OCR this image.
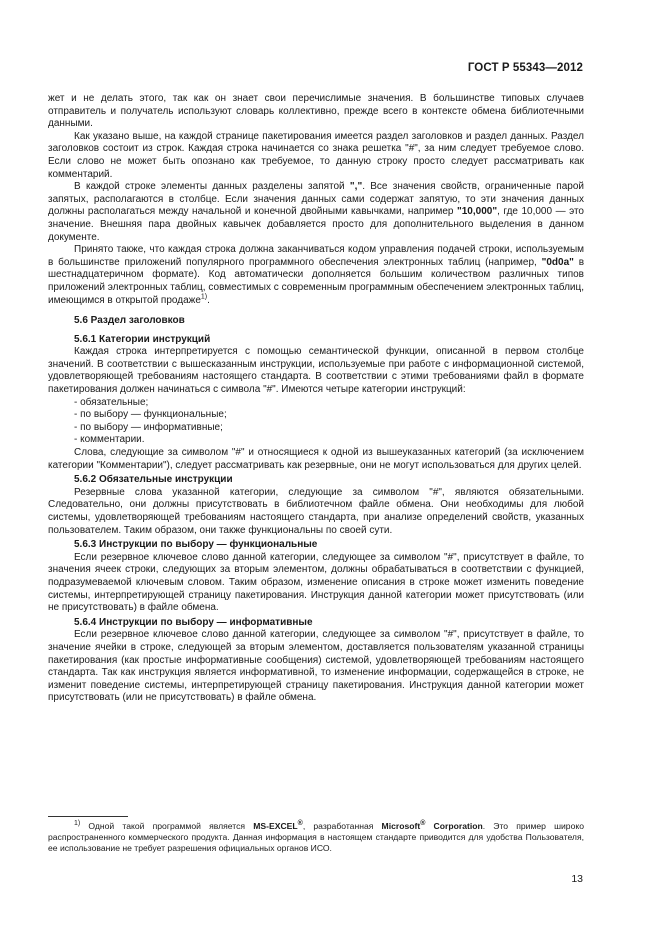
ГОСТ Р 55343—2012

жет и не делать этого, так как он знает свои перечислимые значения. В большинстве типовых случаев отправитель и получатель используют словарь коллективно, прежде всего в контексте обмена библиотечными данными.

Как указано выше, на каждой странице пакетирования имеется раздел заголовков и раздел данных. Раздел заголовков состоит из строк. Каждая строка начинается со знака решетка "#", за ним следует требуемое слово. Если слово не может быть опознано как требуемое, то данную строку просто следует рассматривать как комментарий.

В каждой строке элементы данных разделены запятой ",". Все значения свойств, ограниченные парой запятых, располагаются в столбце. Если значения данных сами содержат запятую, то эти значения данных должны располагаться между начальной и конечной двойными кавычками, например "10,000", где 10,000 — это значение. Внешняя пара двойных кавычек добавляется просто для дополнительного выделения в данном документе.

Принято также, что каждая строка должна заканчиваться кодом управления подачей строки, используемым в большинстве приложений популярного программного обеспечения электронных таблиц (например, "0d0a" в шестнадцатеричном формате). Код автоматически дополняется большим количеством различных типов приложений электронных таблиц, совместимых с современным программным обеспечением электронных таблиц, имеющимся в открытой продаже$^{1)}$.

5.6 Раздел заголовков

5.6.1 Категории инструкций

Каждая строка интерпретируется с помощью семантической функции, описанной в первом столбце значений. В соответствии с вышесказанным инструкции, используемые при работе с информационной системой, удовлетворяющей требованиям настоящего стандарта. В соответствии с этими требованиями файл в формате пакетирования должен начинаться с символа "#". Имеются четыре категории инструкций:

- обязательные;

- по выбору — функциональные;

- по выбору — информативные;

- комментарии.

Слова, следующие за символом "#" и относящиеся к одной из вышеуказанных категорий (за исключением категории "Комментарии"), следует рассматривать как резервные, они не могут использоваться для других целей.

5.6.2 Обязательные инструкции

Резервные слова указанной категории, следующие за символом "#", являются обязательными. Следовательно, они должны присутствовать в библиотечном файле обмена. Они необходимы для любой системы, удовлетворяющей требованиям настоящего стандарта, при анализе определений свойств, указанных пользователем. Таким образом, они также функциональны по своей сути.

5.6.3 Инструкции по выбору — функциональные

Если резервное ключевое слово данной категории, следующее за символом "#", присутствует в файле, то значения ячеек строки, следующих за вторым элементом, должны обрабатываться в соответствии с функцией, подразумеваемой ключевым словом. Таким образом, изменение описания в строке может изменить поведение системы, интерпретирующей страницу пакетирования. Инструкция данной категории может присутствовать (или не присутствовать) в файле обмена.

5.6.4 Инструкции по выбору — информативные

Если резервное ключевое слово данной категории, следующее за символом "#", присутствует в файле, то значение ячейки в строке, следующей за вторым элементом, доставляется пользователям указанной страницы пакетирования (как простые информативные сообщения) системой, удовлетворяющей требованиям настоящего стандарта. Так как инструкция является информативной, то изменение информации, содержащейся в строке, не изменит поведение системы, интерпретирующей страницу пакетирования. Инструкция данной категории может присутствовать (или не присутствовать) в файле обмена.

$^{1)}$ Одной такой программой является MS-EXCEL®, разработанная Microsoft® Corporation. Это пример широко распространенного коммерческого продукта. Данная информация в настоящем стандарте приводится для удобства Пользователя, ее использование не требует разрешения официальных органов ИСО.

13
